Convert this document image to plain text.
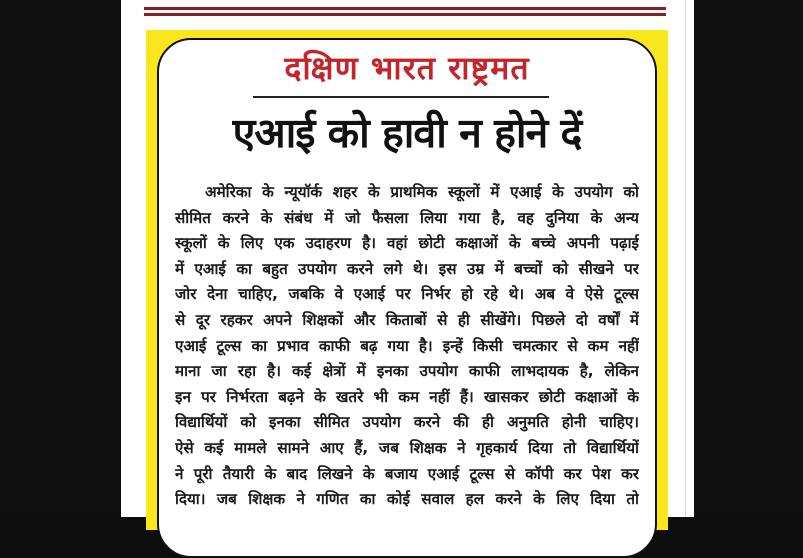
दक्षिण भारत राष्ट्रमत
एआई को हावी न होने दें
अमेरिका के न्यूयॉर्क शहर के प्राथमिक स्कूलों में एआई के उपयोग को
सीमित करने के संबंध में जो फैसला लिया गया है, वह दुनिया के अन्य
स्कूलों के लिए एक उदाहरण है। वहां छोटी कक्षाओं के बच्चे अपनी पढ़ाई
में एआई का बहुत उपयोग करने लगे थे। इस उम्र में बच्चों को सीखने पर
जोर देना चाहिए, जबकि वे एआई पर निर्भर हो रहे थे। अब वे ऐसे टूल्स
से दूर रहकर अपने शिक्षकों और किताबों से ही सीखेंगे। पिछले दो वर्षों में
एआई टूल्स का प्रभाव काफी बढ़ गया है। इन्हें किसी चमत्कार से कम नहीं
माना जा रहा है। कई क्षेत्रों में इनका उपयोग काफी लाभदायक है, लेकिन
इन पर निर्भरता बढ़ने के खतरे भी कम नहीं हैं। खासकर छोटी कक्षाओं के
विद्यार्थियों को इनका सीमित उपयोग करने की ही अनुमति होनी चाहिए।
ऐसे कई मामले सामने आए हैं, जब शिक्षक ने गृहकार्य दिया तो विद्यार्थियों
ने पूरी तैयारी के बाद लिखने के बजाय एआई टूल्स से कॉपी कर पेश कर
दिया। जब शिक्षक ने गणित का कोई सवाल हल करने के लिए दिया तो
